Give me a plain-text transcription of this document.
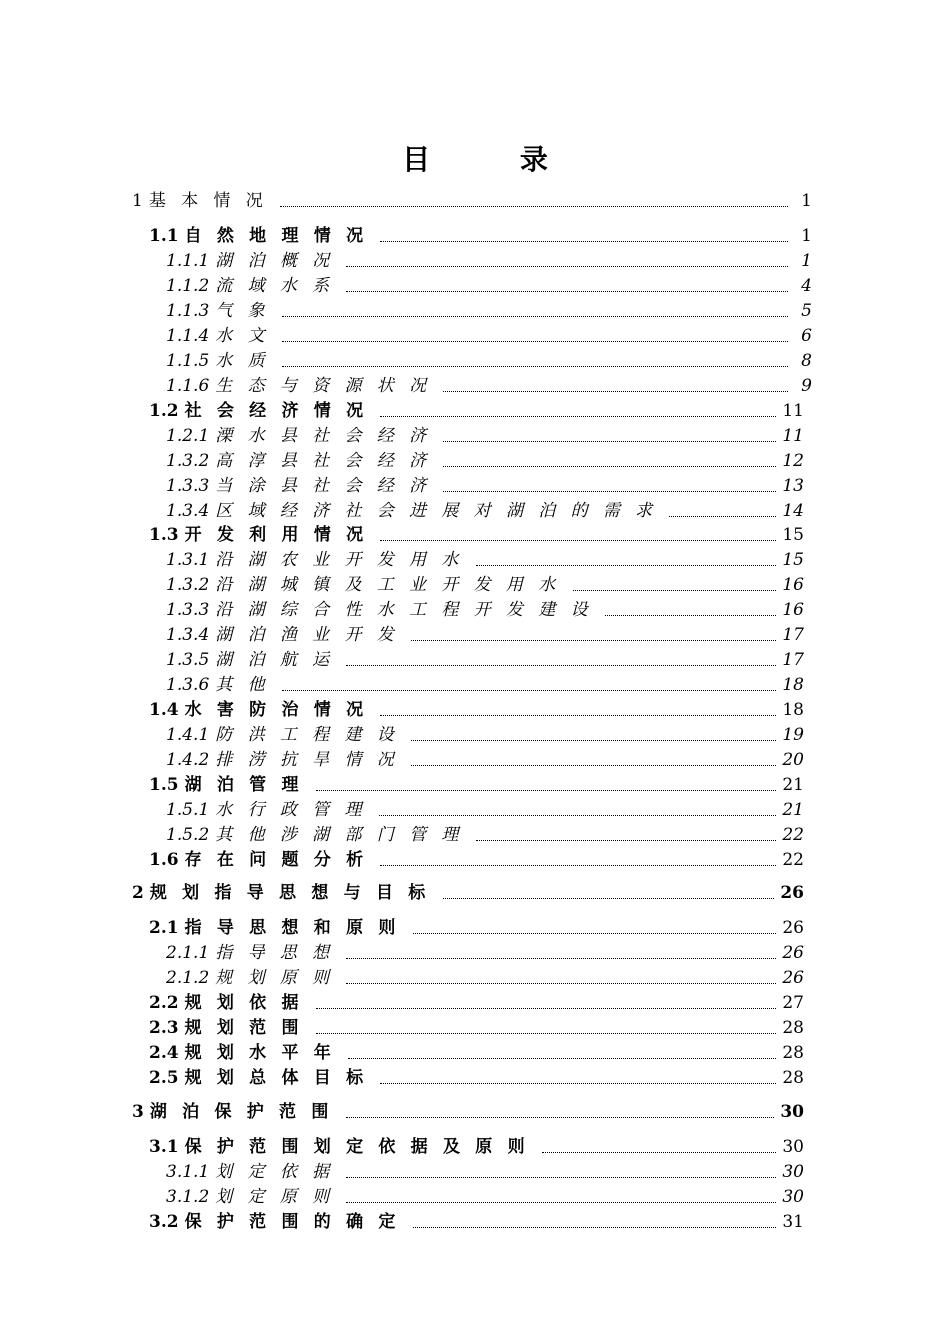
目 录
1 基本情况	1
1.1 自然地理情况	1
1.1.1 湖泊概况	1
1.1.2 流域水系	4
1.1.3 气象	5
1.1.4 水文	6
1.1.5 水质	8
1.1.6 生态与资源状况	9
1.2 社会经济情况	11
1.2.1 溧水县社会经济	11
1.3.2 高淳县社会经济	12
1.3.3 当涂县社会经济	13
1.3.4 区域经济社会进展对湖泊的需求	14
1.3 开发利用情况	15
1.3.1 沿湖农业开发用水	15
1.3.2 沿湖城镇及工业开发用水	16
1.3.3 沿湖综合性水工程开发建设	16
1.3.4 湖泊渔业开发	17
1.3.5 湖泊航运	17
1.3.6 其他	18
1.4 水害防治情况	18
1.4.1 防洪工程建设	19
1.4.2 排涝抗旱情况	20
1.5 湖泊管理	21
1.5.1 水行政管理	21
1.5.2 其他涉湖部门管理	22
1.6 存在问题分析	22
2 规划指导思想与目标	26
2.1 指导思想和原则	26
2.1.1 指导思想	26
2.1.2 规划原则	26
2.2 规划依据	27
2.3 规划范围	28
2.4 规划水平年	28
2.5 规划总体目标	28
3 湖泊保护范围	30
3.1 保护范围划定依据及原则	30
3.1.1 划定依据	30
3.1.2 划定原则	30
3.2 保护范围的确定	31
